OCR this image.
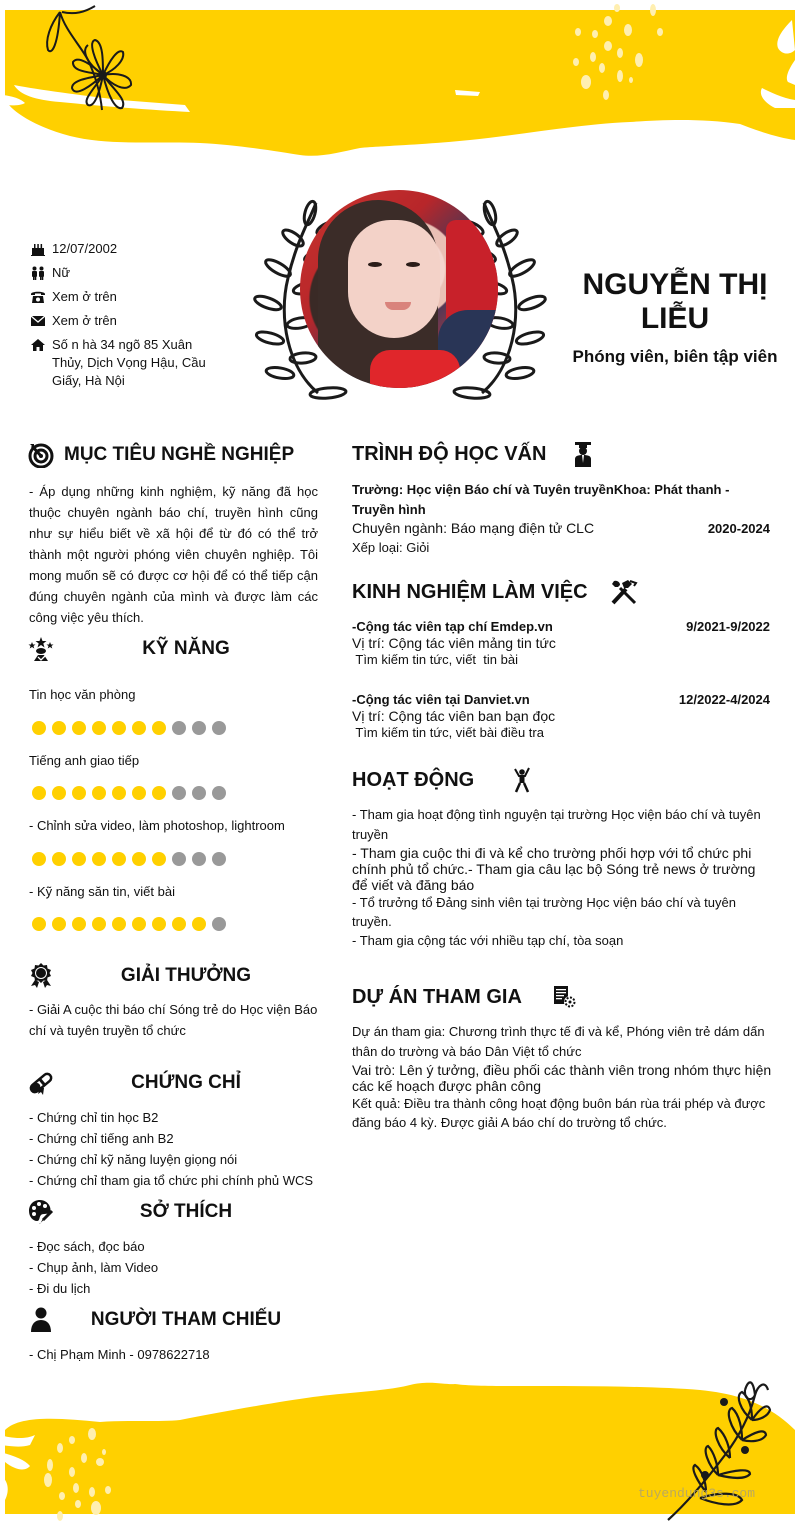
12/07/2002
Nữ
Xem ở trên
Xem ở trên
Số n hà 34 ngõ 85 Xuân Thủy, Dịch Vọng Hậu, Cầu Giấy, Hà Nội
NGUYỄN THỊ LIỄU
Phóng viên, biên tập viên
MỤC TIÊU NGHỀ NGHIỆP
- Áp dụng những kinh nghiệm, kỹ năng đã học thuộc chuyên ngành báo chí, truyền hình cũng như sự hiểu biết về xã hội để từ đó có thể trở thành một người phóng viên chuyên nghiệp. Tôi mong muốn sẽ có được cơ hội để có thể tiếp cận đúng chuyên ngành của mình và được làm các công việc yêu thích.
KỸ NĂNG
Tin học văn phòng
Tiếng anh giao tiếp
- Chỉnh sửa video, làm photoshop, lightroom
- Kỹ năng săn tin, viết bài
GIẢI THƯỞNG
- Giải A cuộc thi báo chí Sóng trẻ do Học viện Báo chí và tuyên truyền tổ chức
CHỨNG CHỈ
- Chứng chỉ tin học B2
- Chứng chỉ tiếng anh B2
- Chứng chỉ kỹ năng luyện giọng nói
- Chứng chỉ tham gia tổ chức phi chính phủ WCS
SỞ THÍCH
- Đọc sách, đọc báo
- Chụp ảnh, làm Video
- Đi du lịch
NGƯỜI THAM CHIẾU
- Chị Phạm Minh - 0978622718
TRÌNH ĐỘ HỌC VẤN
Trường: Học viện Báo chí và Tuyên truyềnKhoa: Phát thanh - Truyền hình
Chuyên ngành: Báo mạng điện tử CLC	2020-2024
Xếp loại: Giỏi
KINH NGHIỆM LÀM VIỆC
-Cộng tác viên tạp chí Emdep.vn	9/2021-9/2022
Vị trí: Cộng tác viên mảng tin tức
Tìm kiếm tin tức, viết  tin bài
-Cộng tác viên tại Danviet.vn	12/2022-4/2024
Vị trí: Cộng tác viên ban bạn đọc
Tìm kiếm tin tức, viết bài điều tra
HOẠT ĐỘNG
- Tham gia hoạt động tình nguyện tại trường Học viện báo chí và tuyên truyền
- Tham gia cuộc thi đi và kể cho trường phối hợp với tổ chức phi chính phủ tổ chức.- Tham gia câu lạc bộ Sóng trẻ news ở trường để viết và đăng báo
- Tổ trưởng tổ Đảng sinh viên tại trường Học viện báo chí và tuyên truyền.
- Tham gia cộng tác với nhiều tạp chí, tòa soạn
DỰ ÁN THAM GIA
Dự án tham gia: Chương trình thực tế đi và kể, Phóng viên trẻ dám dấn thân do trường và báo Dân Việt tổ chức
Vai trò: Lên ý tưởng, điều phối các thành viên trong nhóm thực hiện các kế hoạch được phân công
Kết quả: Điều tra thành công hoạt động buôn bán rùa trái phép và được đăng báo 4 kỳ. Được giải A báo chí do trường tổ chức.
tuyendung3s.com
